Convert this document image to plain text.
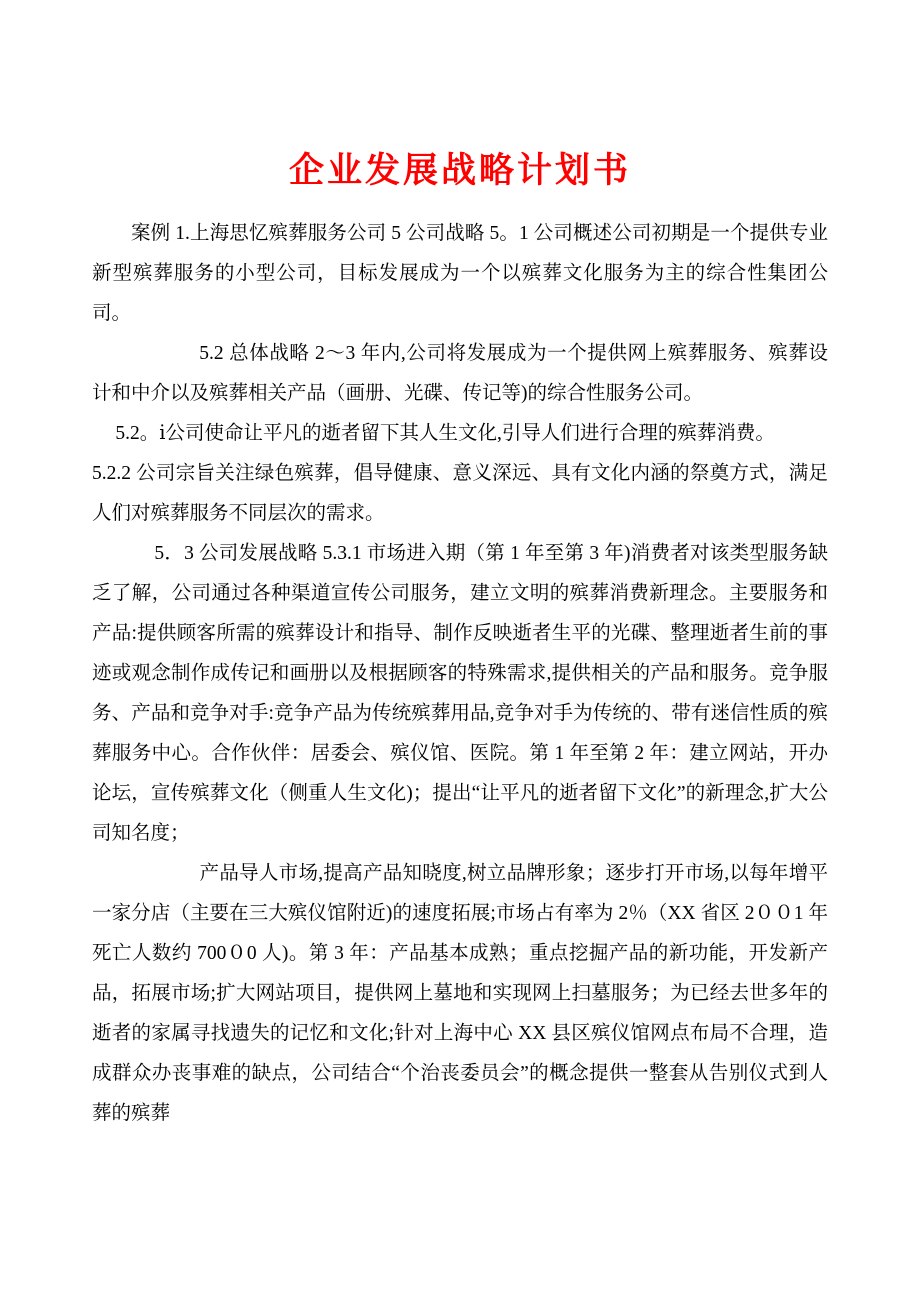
企业发展战略计划书

案例 1.上海思忆殡葬服务公司 5 公司战略 5。1 公司概述公司初期是一个提供专业新型殡葬服务的小型公司，目标发展成为一个以殡葬文化服务为主的综合性集团公司。

5.2 总体战略 2～3 年内,公司将发展成为一个提供网上殡葬服务、殡葬设计和中介以及殡葬相关产品（画册、光碟、传记等)的综合性服务公司。

5.2。ⅰ公司使命让平凡的逝者留下其人生文化,引导人们进行合理的殡葬消费。

5.2.2 公司宗旨关注绿色殡葬，倡导健康、意义深远、具有文化内涵的祭奠方式，满足人们对殡葬服务不同层次的需求。

5．3 公司发展战略 5.3.1 市场进入期（第 1 年至第 3 年)消费者对该类型服务缺乏了解，公司通过各种渠道宣传公司服务，建立文明的殡葬消费新理念。主要服务和产品:提供顾客所需的殡葬设计和指导、制作反映逝者生平的光碟、整理逝者生前的事迹或观念制作成传记和画册以及根据顾客的特殊需求,提供相关的产品和服务。竞争服务、产品和竞争对手:竞争产品为传统殡葬用品,竞争对手为传统的、带有迷信性质的殡葬服务中心。合作伙伴：居委会、殡仪馆、医院。第 1 年至第 2 年：建立网站，开办论坛，宣传殡葬文化（侧重人生文化)；提出“让平凡的逝者留下文化”的新理念,扩大公司知名度；

产品导人市场,提高产品知晓度,树立品牌形象；逐步打开市场,以每年增平一家分店（主要在三大殡仪馆附近)的速度拓展;市场占有率为 2％（XX 省区 2００1 年死亡人数约 700０0 人)。第 3 年：产品基本成熟；重点挖掘产品的新功能，开发新产品，拓展市场;扩大网站项目，提供网上墓地和实现网上扫墓服务；为已经去世多年的逝者的家属寻找遗失的记忆和文化;针对上海中心 XX 县区殡仪馆网点布局不合理，造成群众办丧事难的缺点，公司结合“个治丧委员会”的概念提供一整套从告别仪式到人葬的殡葬
